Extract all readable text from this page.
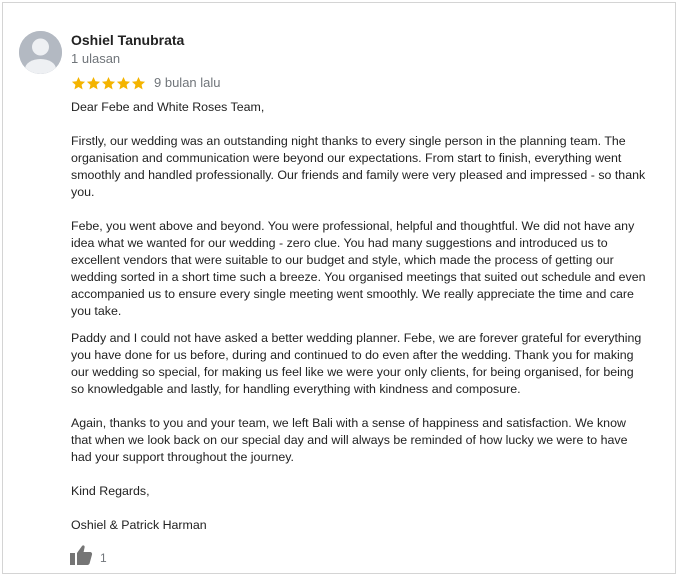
Oshiel Tanubrata
1 ulasan
9 bulan lalu

Dear Febe and White Roses Team,

Firstly, our wedding was an outstanding night thanks to every single person in the planning team. The
organisation and communication were beyond our expectations. From start to finish, everything went
smoothly and handled professionally. Our friends and family were very pleased and impressed - so thank
you.
Febe, you went above and beyond. You were professional, helpful and thoughtful. We did not have any
idea what we wanted for our wedding - zero clue. You had many suggestions and introduced us to
excellent vendors that were suitable to our budget and style, which made the process of getting our
wedding sorted in a short time such a breeze. You organised meetings that suited out schedule and even
accompanied us to ensure every single meeting went smoothly. We really appreciate the time and care
you take.
Paddy and I could not have asked a better wedding planner. Febe, we are forever grateful for everything
you have done for us before, during and continued to do even after the wedding. Thank you for making
our wedding so special, for making us feel like we were your only clients, for being organised, for being
so knowledgable and lastly, for handling everything with kindness and composure.
Again, thanks to you and your team, we left Bali with a sense of happiness and satisfaction. We know
that when we look back on our special day and will always be reminded of how lucky we were to have
had your support throughout the journey.

Kind Regards,

Oshiel & Patrick Harman

1
